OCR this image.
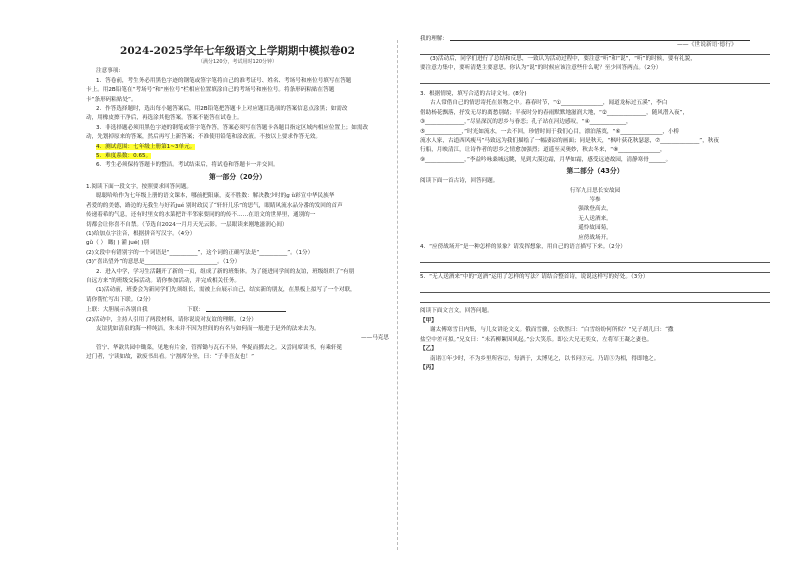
——《世说新语·德行》
2024-2025学年七年级语文上学期期中模拟卷02
（满分120分，考试用时120分钟）

注意事项:

1．答卷前，考生务必用黑色字迹的钢笔或签字笔将自己的准考证号、姓名、考场号和座位号填写在答题

卡上。用2B铅笔在“考场号”和“座位号”栏相应位置填涂自己的考场号和座位号。将条形码粘贴在答题

卡“条形码粘贴处”。

2．作答选择题时，选出每小题答案后，用2B铅笔把答题卡上对应题目选项的答案信息点涂黑；如需改

动，用橡皮擦干净后，再选涂其他答案。答案不能答在试卷上。

3．非选择题必须用黑色字迹的钢笔或签字笔作答，答案必须写在答题卡各题目指定区域内相应位置上；如需改

动，先划掉原来的答案，然后再写上新答案；不准使用铅笔和涂改液。不按以上要求作答无效。

4．测试范围：七年级上册第1~3单元。

5．难度系数：0.65。

6．考生必须保持答题卡的整洁。考试结束后，将试卷和答题卡一并交回。

第一部分（20分）

1.阅读下面一段文字，按照要求回答问题。

聪聪哈哈作为七年级上册的语文课本，哪前把阳康，麦不胜数：解决教少时的ɡ ǔ彩宣中华民族华

者爱的的美德，路边的无我生与好若jué 别时政民了“轩轩儿乐”的思气，眼睛风流水品分番的发回的首声

传递着希的气息，还有时里女的水菜把许半邻家要同的的传不……在语文的世界里，通别的一

切都会让你喜不自禁。（节选自2024一月月天光云影。一层眼读来刚地滋润心间）

(1)给加点字注音，根据拼音写汉字。（4分）

ɡǔ（ ） 瞰( ) 灌 jué( )别

(2)文段中有错别字的一个词语是“__________”，这个词的正确写法是“__________”。（1分）

(3)“喜出望外”的意思是__________________________。（1分）

2．进入中学，学习生活翻开了新的一页，组成了新的班集体。为了能进同学间的友谊，班级组织了“有朋

自远方来”的班级交际活动。请你参加活动，并完成相关任务。

(1)活动前，班委会为新同学们先须组长，需被上台展示自己，结实新的朋友，在黑板上拟写了一个对联，

请你帮忙写出下联。（2分）

上联：大胆展示各别自我	下联：

(2)活动中，主持人引用了两段材料，请你说说对友谊的理解。（2分）

友谊犹如清泉的海一样纯洁，朱未并不因为世间的有名与如何而一般进于是外的法来去为。

——马克思

管宁、华歆共园中锄菜，见地有片金，管挥锄与瓦石不异，华捉而掷去之。又尝同席读书，有乘轩冕

过门者，宁读如故，歆废书出看。宁割席分坐，曰：“子非吾友也！”

我的理解：

(3)活动后，同学们进行了总结和反思，一致认为活动过程中，要注意“听”和“说”，“听”的时候，要有礼貌，

要注意力集中，要听清楚主要意思。你认为“说”的时候应该注意些什么呢？至少回答两点。（2分）

3．根据情境，填写合适的古诗文句。(8分)

古人常借自己的情思寄托在景物之中。暮春时节，“①_______________，闻道龙标过五溪”，李白

借助杨花飘落，抒发无尽的离愁别绪；半夜时分的春雨默默地滋润大地，“②______________，随风潜入夜”，

③______________，”尽显深沉的思乡与眷恋；孔子站在河边感叹，“④_____________，

⑤_____________，”时光如流水，一去不回，珍惜时间于我们心目，漂泊落寞，“⑥_______________，小桥

流水人家，古道西风瘦马”马致远为我们描绘了一幅凄凉的画面；同是秋天，“枫叶荻花秋瑟瑟，⑦______________”，秋夜

行船，月映清江，让诗作者的思乡之情愈加强烈；道遥至灵奥妙，秋去冬来，“⑧_______________，

⑨______________，”李益吟咏桑城远眺，见到大漠边霜，月华如霜，感受远迹故园，清静寒骨______。

第二部分（43分）

阅读下面一首古诗，回答问题。

行军九日思长安故园

岑参

强欲登高去，

无人送酒来。

遥怜故园菊，

应傍战场开。

4．“应傍战场开”是一种怎样的景象？请发挥想象，用自己的语言描写下来。（2分）

5．“无人送酒来”中的“送酒”运用了怎样的写法？请结合整首诗，说说这样写的好处。（3分）

阅读下面文言文，回答问题。

【甲】

谢太傅寒雪日内集，与儿女讲论文义。俄而雪骤，公欣然曰：“白雪纷纷何所似？”兄子胡儿曰：“撒

盐空中差可拟。”兄女曰：“未若柳絮因风起。”公大笑乐。即公大兄无奕女，左将军王凝之妻也。

【乙】

南诸①年少时，不为乡里所容②，每酒于，太博见之，以书问③元。乃请⑤为相，得即地之。

【丙】
